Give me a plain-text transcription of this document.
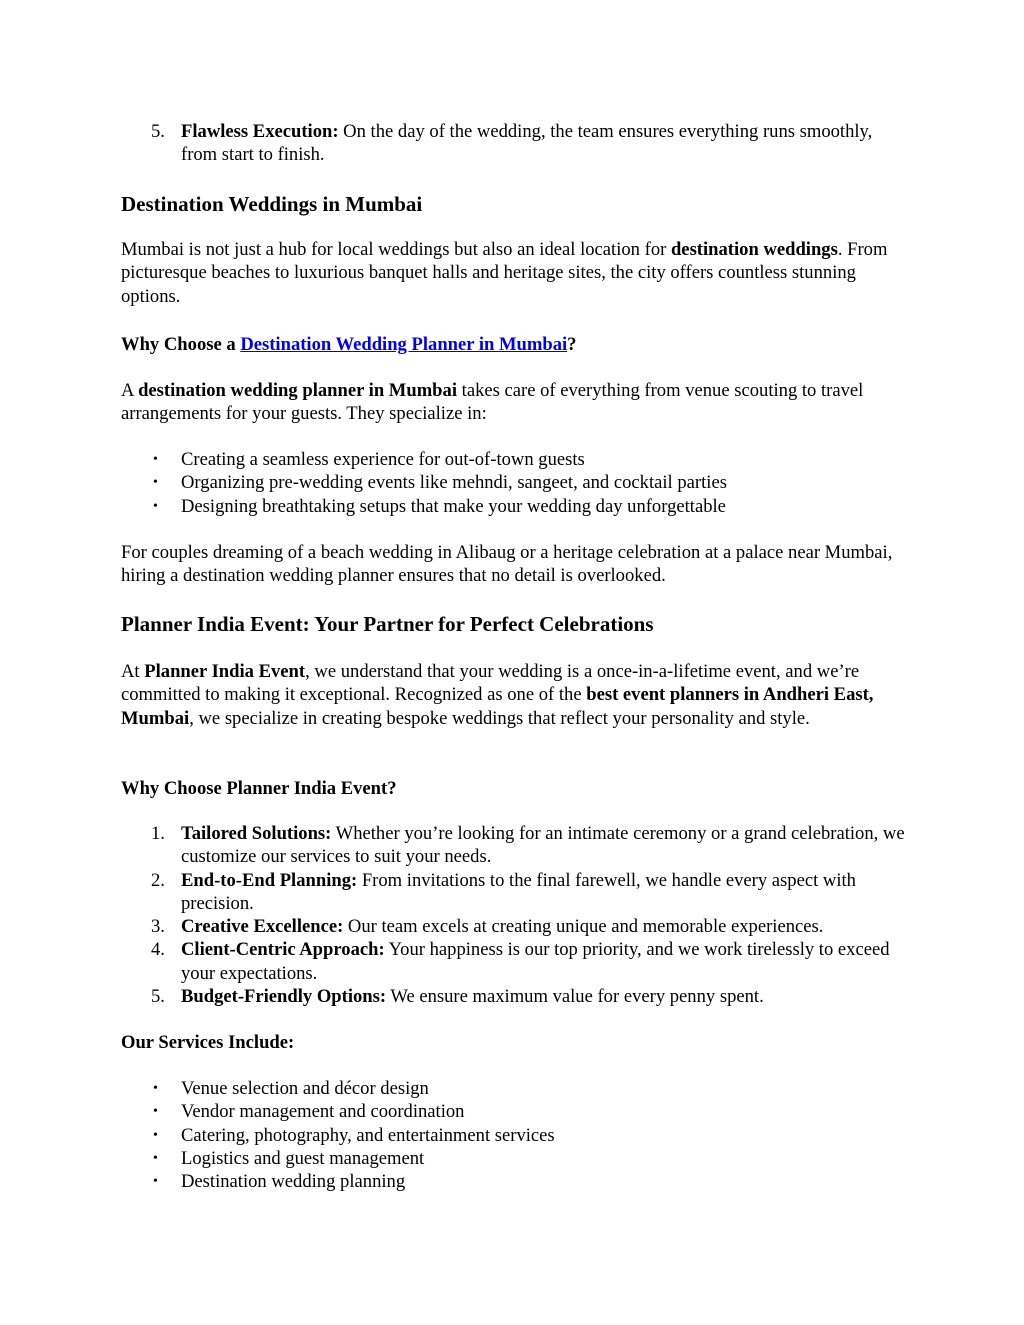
5. Flawless Execution: On the day of the wedding, the team ensures everything runs smoothly, from start to finish.
Destination Weddings in Mumbai

Mumbai is not just a hub for local weddings but also an ideal location for destination weddings. From picturesque beaches to luxurious banquet halls and heritage sites, the city offers countless stunning options.

Why Choose a Destination Wedding Planner in Mumbai?

A destination wedding planner in Mumbai takes care of everything from venue scouting to travel arrangements for your guests. They specialize in:

• Creating a seamless experience for out-of-town guests
• Organizing pre-wedding events like mehndi, sangeet, and cocktail parties
• Designing breathtaking setups that make your wedding day unforgettable

For couples dreaming of a beach wedding in Alibaug or a heritage celebration at a palace near Mumbai, hiring a destination wedding planner ensures that no detail is overlooked.

Planner India Event: Your Partner for Perfect Celebrations

At Planner India Event, we understand that your wedding is a once-in-a-lifetime event, and we’re committed to making it exceptional. Recognized as one of the best event planners in Andheri East, Mumbai, we specialize in creating bespoke weddings that reflect your personality and style.

Why Choose Planner India Event?

1. Tailored Solutions: Whether you’re looking for an intimate ceremony or a grand celebration, we customize our services to suit your needs.
2. End-to-End Planning: From invitations to the final farewell, we handle every aspect with precision.
3. Creative Excellence: Our team excels at creating unique and memorable experiences.
4. Client-Centric Approach: Your happiness is our top priority, and we work tirelessly to exceed your expectations.
5. Budget-Friendly Options: We ensure maximum value for every penny spent.

Our Services Include:

• Venue selection and décor design
• Vendor management and coordination
• Catering, photography, and entertainment services
• Logistics and guest management
• Destination wedding planning
